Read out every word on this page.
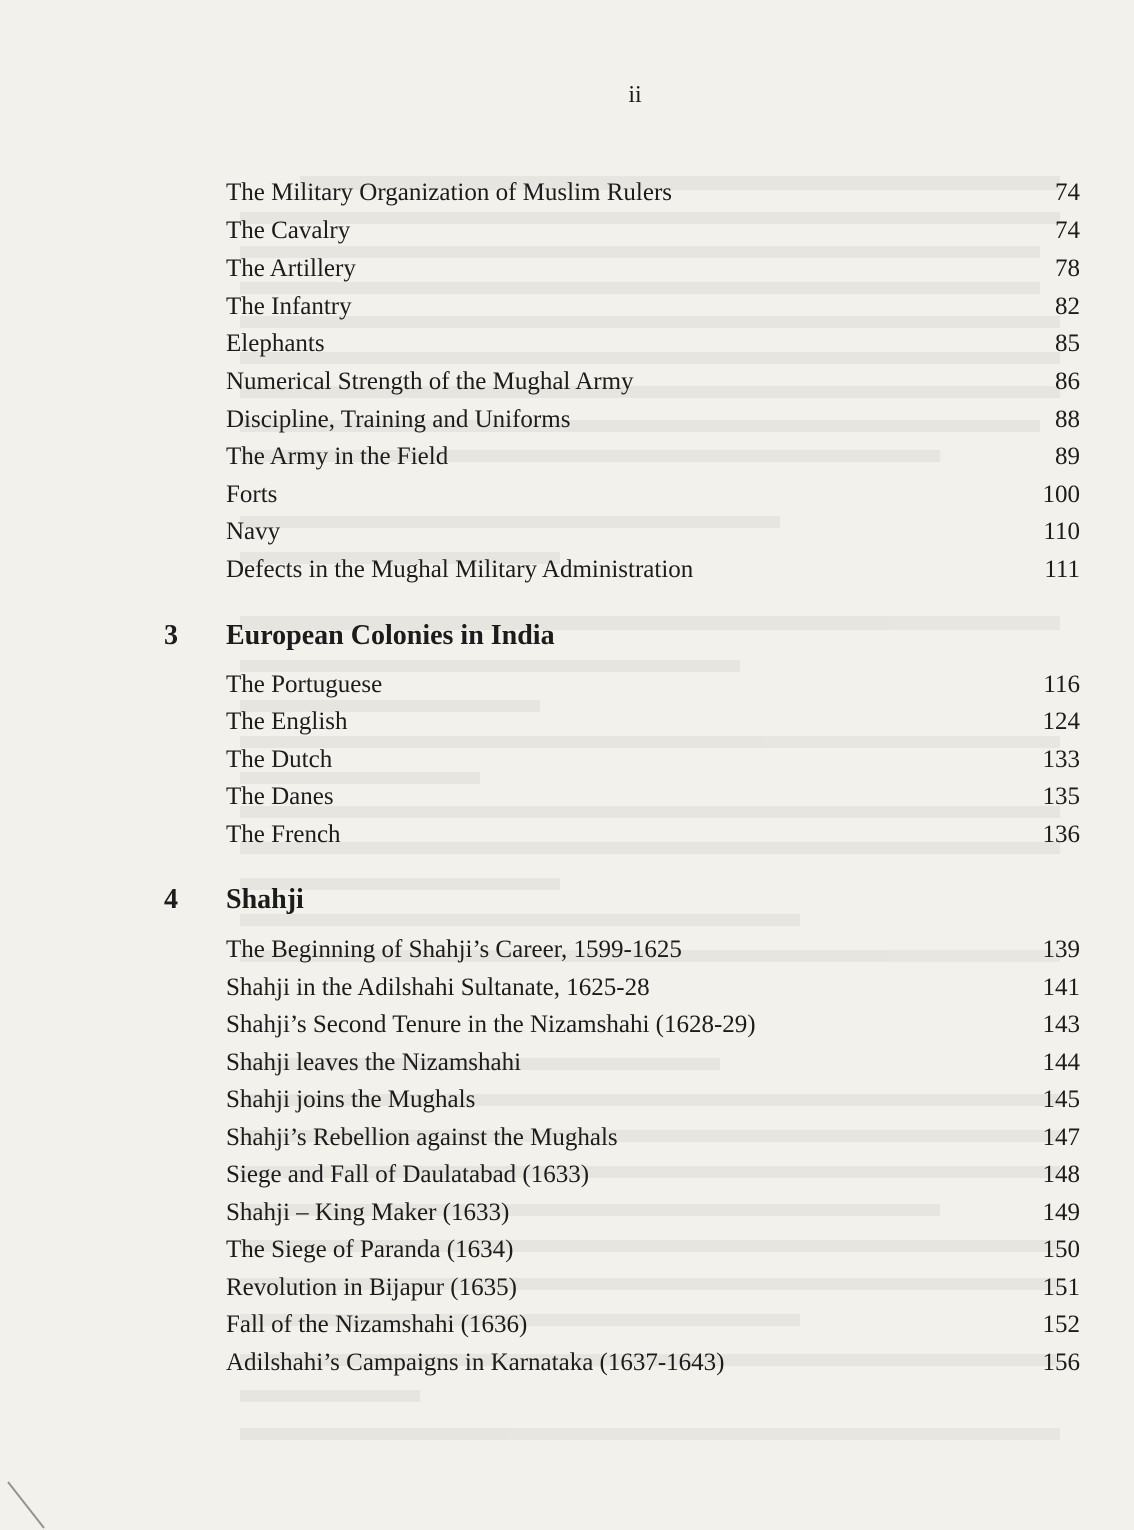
ii
The Military Organization of Muslim Rulers	74
The Cavalry	74
The Artillery	78
The Infantry	82
Elephants	85
Numerical Strength of the Mughal Army	86
Discipline, Training and Uniforms	88
The Army in the Field	89
Forts	100
Navy	110
Defects in the Mughal Military Administration	111
3 European Colonies in India
The Portuguese	116
The English	124
The Dutch	133
The Danes	135
The French	136
4 Shahji
The Beginning of Shahji’s Career, 1599-1625	139
Shahji in the Adilshahi Sultanate, 1625-28	141
Shahji’s Second Tenure in the Nizamshahi (1628-29)	143
Shahji leaves the Nizamshahi	144
Shahji joins the Mughals	145
Shahji’s Rebellion against the Mughals	147
Siege and Fall of Daulatabad (1633)	148
Shahji – King Maker (1633)	149
The Siege of Paranda (1634)	150
Revolution in Bijapur (1635)	151
Fall of the Nizamshahi (1636)	152
Adilshahi’s Campaigns in Karnataka (1637-1643)	156
